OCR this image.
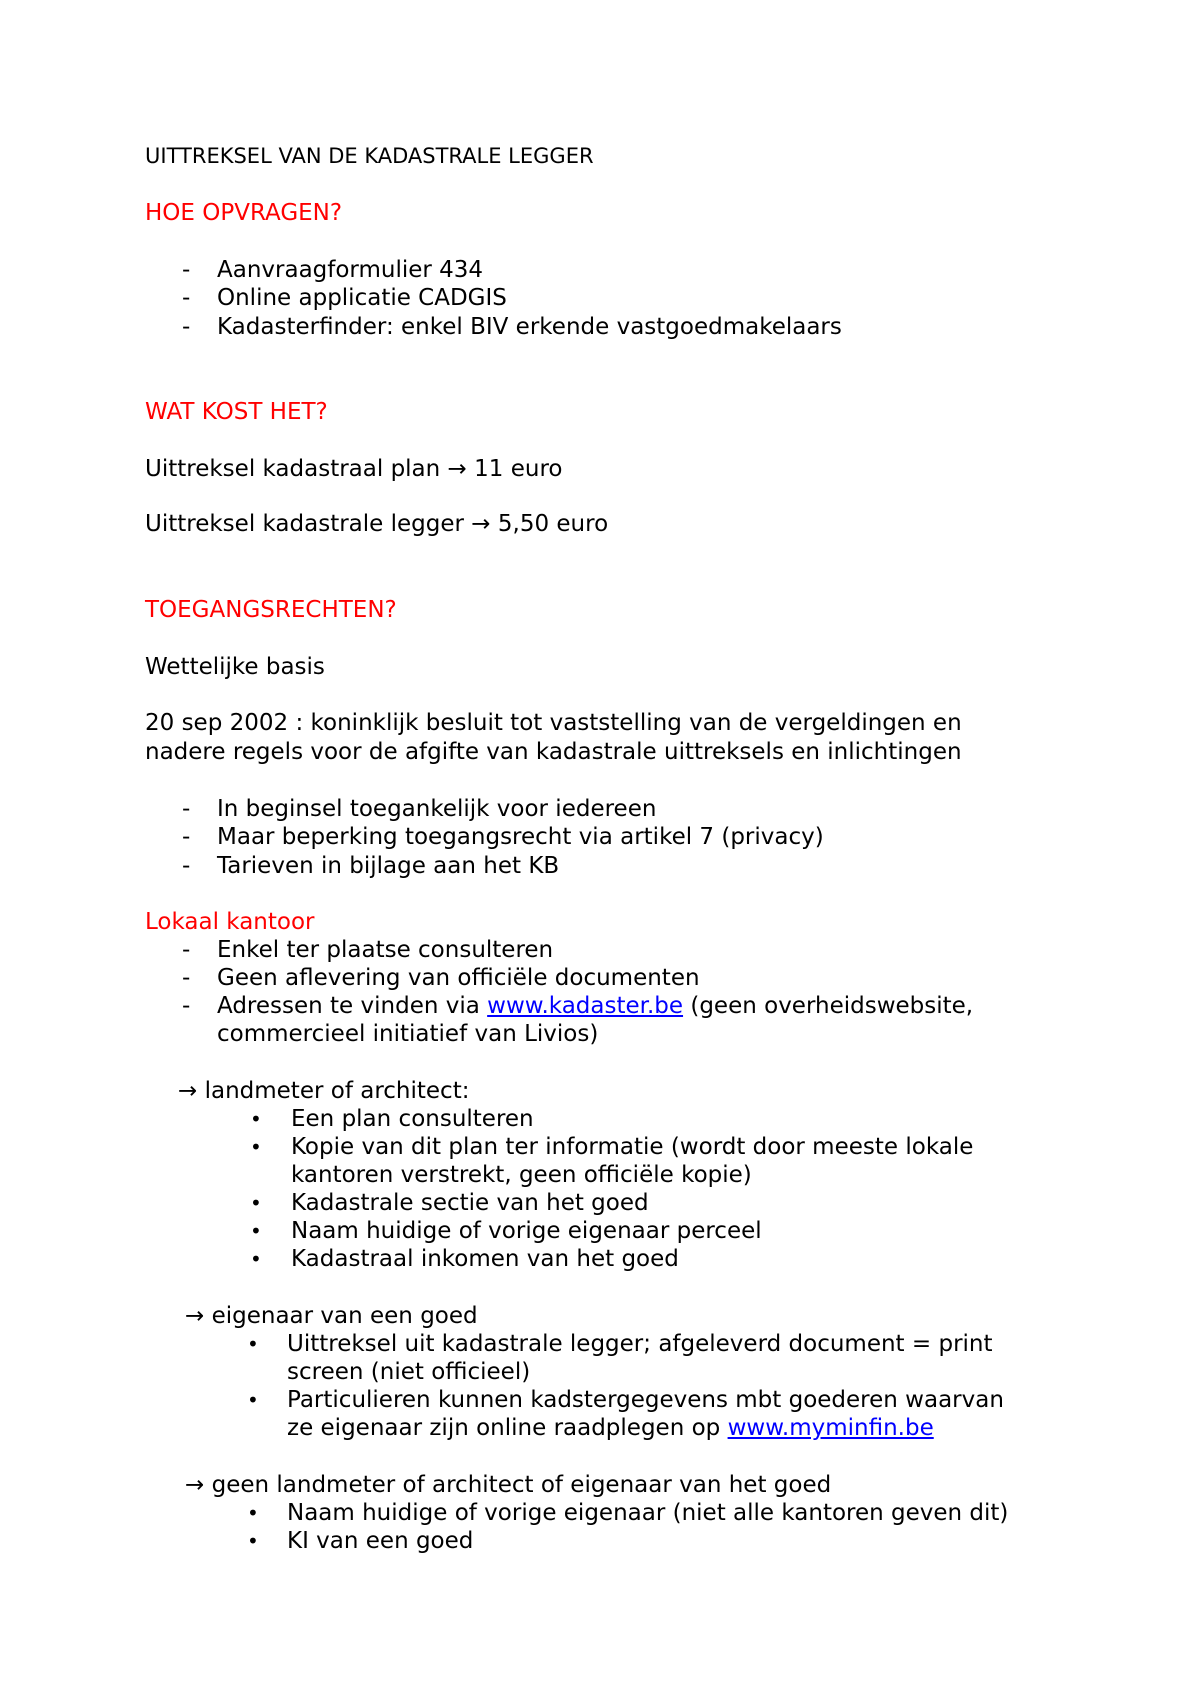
UITTREKSEL VAN DE KADASTRALE LEGGER
HOE OPVRAGEN?
- Aanvraagformulier 434
- Online applicatie CADGIS
- Kadasterfinder: enkel BIV erkende vastgoedmakelaars
WAT KOST HET?
Uittreksel kadastraal plan → 11 euro
Uittreksel kadastrale legger → 5,50 euro
TOEGANGSRECHTEN?
Wettelijke basis
20 sep 2002 : koninklijk besluit tot vaststelling van de vergeldingen en
nadere regels voor de afgifte van kadastrale uittreksels en inlichtingen
- In beginsel toegankelijk voor iedereen
- Maar beperking toegangsrecht via artikel 7 (privacy)
- Tarieven in bijlage aan het KB
Lokaal kantoor
- Enkel ter plaatse consulteren
- Geen aflevering van officiële documenten
- Adressen te vinden via www.kadaster.be (geen overheidswebsite,
commercieel initiatief van Livios)
→ landmeter of architect:
• Een plan consulteren
• Kopie van dit plan ter informatie (wordt door meeste lokale
kantoren verstrekt, geen officiële kopie)
• Kadastrale sectie van het goed
• Naam huidige of vorige eigenaar perceel
• Kadastraal inkomen van het goed
→ eigenaar van een goed
• Uittreksel uit kadastrale legger; afgeleverd document = print
screen (niet officieel)
• Particulieren kunnen kadstergegevens mbt goederen waarvan
ze eigenaar zijn online raadplegen op www.myminfin.be
→ geen landmeter of architect of eigenaar van het goed
• Naam huidige of vorige eigenaar (niet alle kantoren geven dit)
• KI van een goed
